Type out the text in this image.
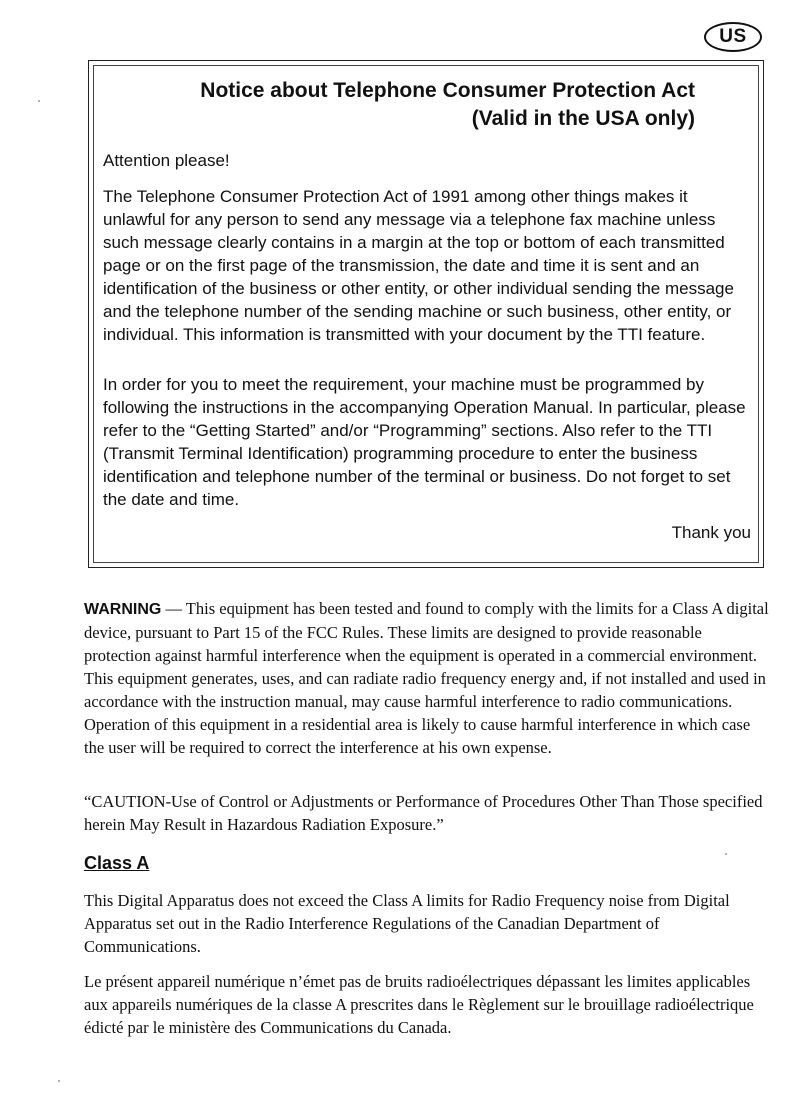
US
Notice about Telephone Consumer Protection Act
(Valid in the USA only)
Attention please!

The Telephone Consumer Protection Act of 1991 among other things makes it unlawful for any person to send any message via a telephone fax machine unless such message clearly contains in a margin at the top or bottom of each transmitted page or on the first page of the transmission, the date and time it is sent and an identification of the business or other entity, or other individual sending the message and the telephone number of the sending machine or such business, other entity, or individual. This information is transmitted with your document by the TTI feature.

In order for you to meet the requirement, your machine must be programmed by following the instructions in the accompanying Operation Manual. In particular, please refer to the “Getting Started” and/or “Programming” sections. Also refer to the TTI (Transmit Terminal Identification) programming procedure to enter the business identification and telephone number of the terminal or business. Do not forget to set the date and time.

Thank you

WARNING — This equipment has been tested and found to comply with the limits for a Class A digital device, pursuant to Part 15 of the FCC Rules. These limits are designed to provide reasonable protection against harmful interference when the equipment is operated in a commercial environment. This equipment generates, uses, and can radiate radio frequency energy and, if not installed and used in accordance with the instruction manual, may cause harmful interference to radio communications. Operation of this equipment in a residential area is likely to cause harmful interference in which case the user will be required to correct the interference at his own expense.

“CAUTION-Use of Control or Adjustments or Performance of Procedures Other Than Those specified herein May Result in Hazardous Radiation Exposure.”

Class A

This Digital Apparatus does not exceed the Class A limits for Radio Frequency noise from Digital Apparatus set out in the Radio Interference Regulations of the Canadian Department of Communications.

Le présent appareil numérique n’émet pas de bruits radioélectriques dépassant les limites applicables aux appareils numériques de la classe A prescrites dans le Règlement sur le brouillage radioélectrique édicté par le ministère des Communications du Canada.
